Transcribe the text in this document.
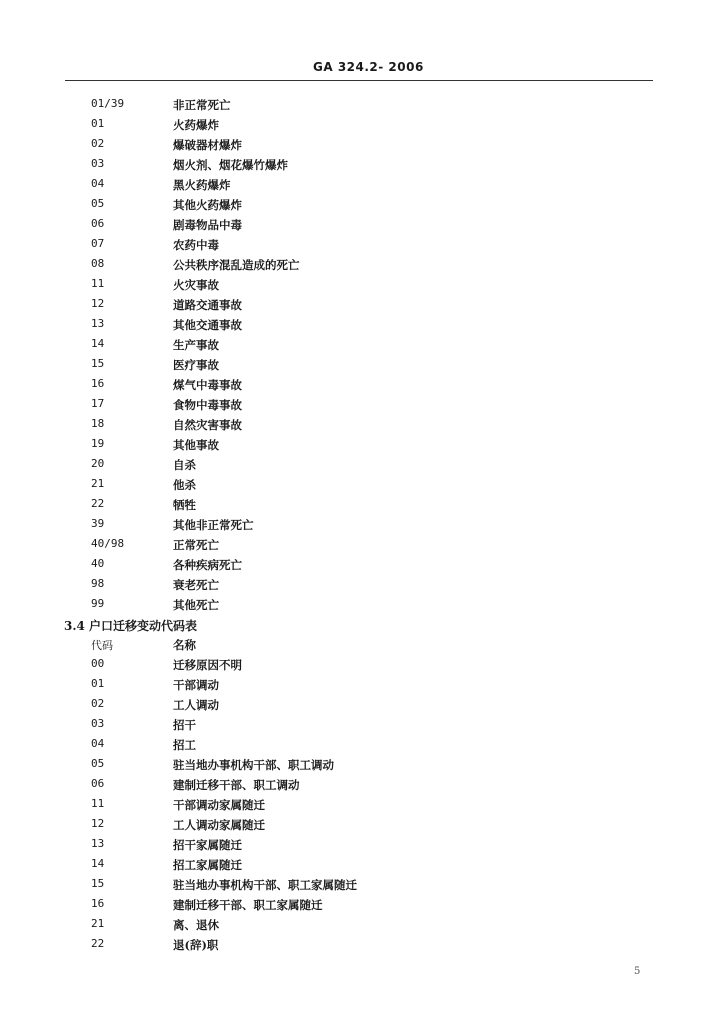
GA 324.2- 2006
01/39	非正常死亡
01	火药爆炸
02	爆破器材爆炸
03	烟火剂、烟花爆竹爆炸
04	黑火药爆炸
05	其他火药爆炸
06	剧毒物品中毒
07	农药中毒
08	公共秩序混乱造成的死亡
11	火灾事故
12	道路交通事故
13	其他交通事故
14	生产事故
15	医疗事故
16	煤气中毒事故
17	食物中毒事故
18	自然灾害事故
19	其他事故
20	自杀
21	他杀
22	牺牲
39	其他非正常死亡
40/98	正常死亡
40	各种疾病死亡
98	衰老死亡
99	其他死亡
3.4 户口迁移变动代码表
代码	名称
00	迁移原因不明
01	干部调动
02	工人调动
03	招干
04	招工
05	驻当地办事机构干部、职工调动
06	建制迁移干部、职工调动
11	干部调动家属随迁
12	工人调动家属随迁
13	招干家属随迁
14	招工家属随迁
15	驻当地办事机构干部、职工家属随迁
16	建制迁移干部、职工家属随迁
21	离、退休
22	退(辞)职
5
